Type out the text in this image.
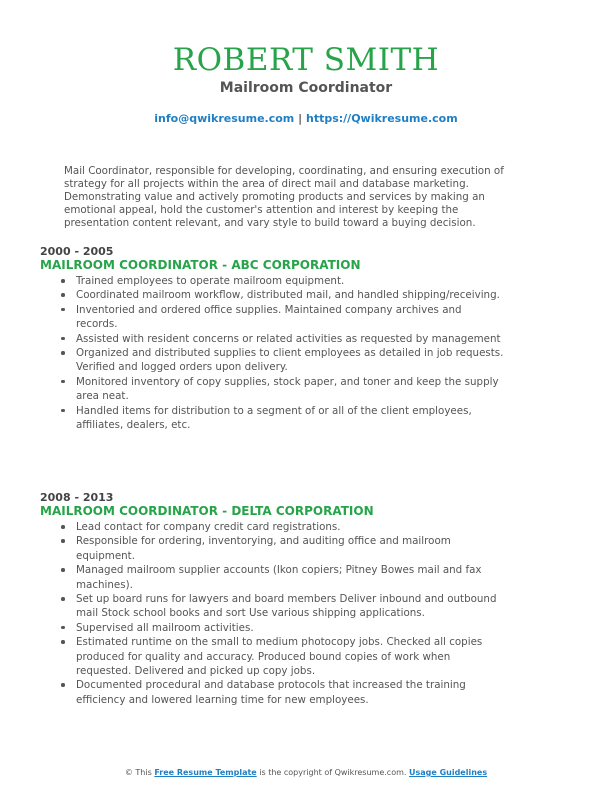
ROBERT SMITH
Mailroom Coordinator
info@qwikresume.com | https://Qwikresume.com
Mail Coordinator, responsible for developing, coordinating, and ensuring execution of strategy for all projects within the area of direct mail and database marketing. Demonstrating value and actively promoting products and services by making an emotional appeal, hold the customer's attention and interest by keeping the presentation content relevant, and vary style to build toward a buying decision.
2000 - 2005
MAILROOM COORDINATOR - ABC CORPORATION
Trained employees to operate mailroom equipment.
Coordinated mailroom workflow, distributed mail, and handled shipping/receiving.
Inventoried and ordered office supplies. Maintained company archives and records.
Assisted with resident concerns or related activities as requested by management
Organized and distributed supplies to client employees as detailed in job requests. Verified and logged orders upon delivery.
Monitored inventory of copy supplies, stock paper, and toner and keep the supply area neat.
Handled items for distribution to a segment of or all of the client employees, affiliates, dealers, etc.
2008 - 2013
MAILROOM COORDINATOR - DELTA CORPORATION
Lead contact for company credit card registrations.
Responsible for ordering, inventorying, and auditing office and mailroom equipment.
Managed mailroom supplier accounts (Ikon copiers; Pitney Bowes mail and fax machines).
Set up board runs for lawyers and board members Deliver inbound and outbound mail Stock school books and sort Use various shipping applications.
Supervised all mailroom activities.
Estimated runtime on the small to medium photocopy jobs. Checked all copies produced for quality and accuracy. Produced bound copies of work when requested. Delivered and picked up copy jobs.
Documented procedural and database protocols that increased the training efficiency and lowered learning time for new employees.
© This Free Resume Template is the copyright of Qwikresume.com. Usage Guidelines
